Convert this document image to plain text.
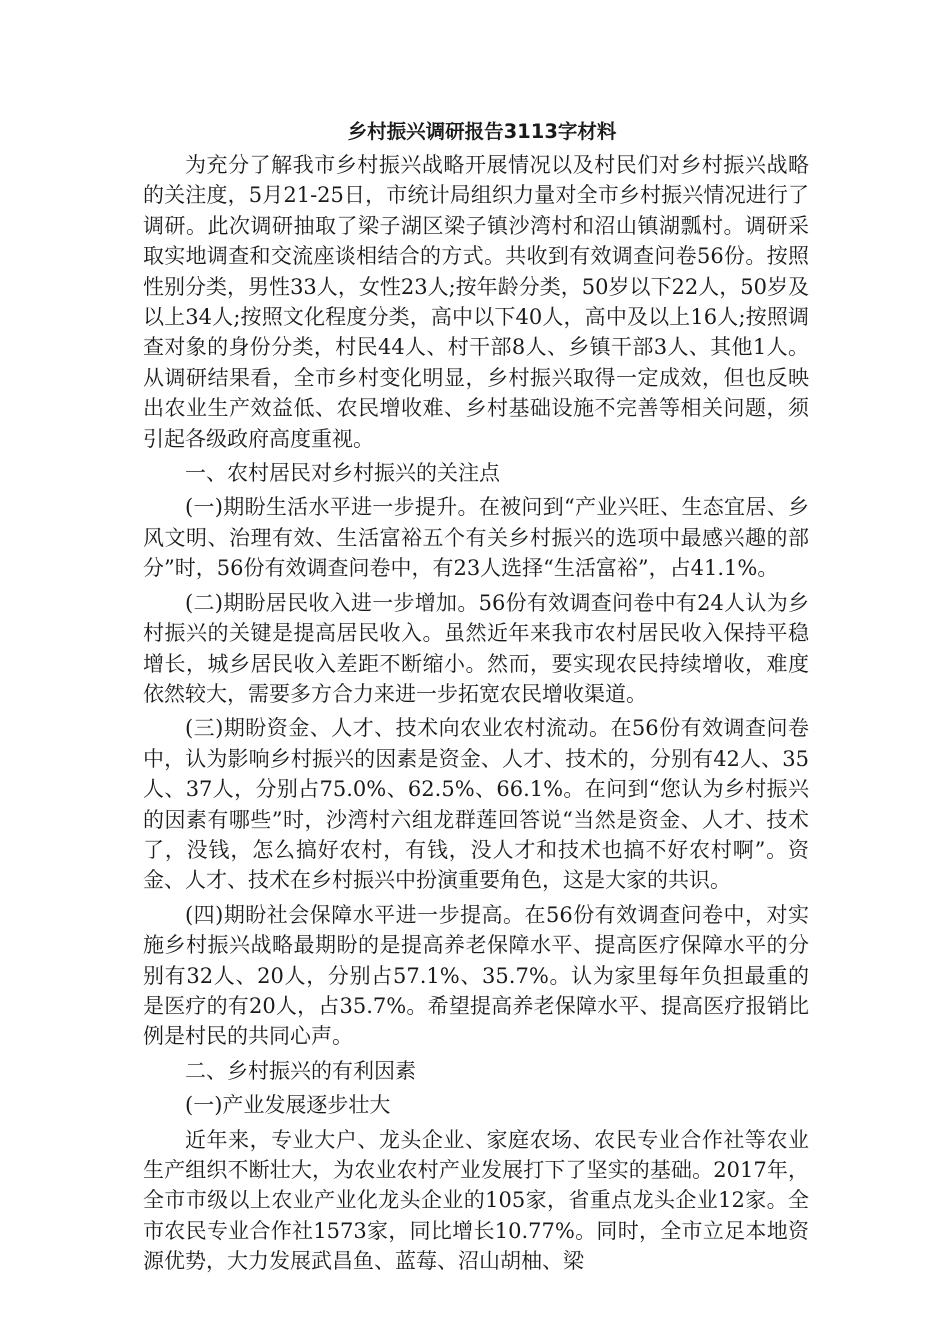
乡村振兴调研报告3113字材料

为充分了解我市乡村振兴战略开展情况以及村民们对乡村振兴战略的关注度，5月21-25日，市统计局组织力量对全市乡村振兴情况进行了调研。此次调研抽取了梁子湖区梁子镇沙湾村和沼山镇湖瓢村。调研采取实地调查和交流座谈相结合的方式。共收到有效调查问卷56份。按照性别分类，男性33人，女性23人;按年龄分类，50岁以下22人，50岁及以上34人;按照文化程度分类，高中以下40人，高中及以上16人;按照调查对象的身份分类，村民44人、村干部8人、乡镇干部3人、其他1人。从调研结果看，全市乡村变化明显，乡村振兴取得一定成效，但也反映出农业生产效益低、农民增收难、乡村基础设施不完善等相关问题，须引起各级政府高度重视。

一、农村居民对乡村振兴的关注点

(一)期盼生活水平进一步提升。在被问到“产业兴旺、生态宜居、乡风文明、治理有效、生活富裕五个有关乡村振兴的选项中最感兴趣的部分”时，56份有效调查问卷中，有23人选择“生活富裕”，占41.1%。

(二)期盼居民收入进一步增加。56份有效调查问卷中有24人认为乡村振兴的关键是提高居民收入。虽然近年来我市农村居民收入保持平稳增长，城乡居民收入差距不断缩小。然而，要实现农民持续增收，难度依然较大，需要多方合力来进一步拓宽农民增收渠道。

(三)期盼资金、人才、技术向农业农村流动。在56份有效调查问卷中，认为影响乡村振兴的因素是资金、人才、技术的，分别有42人、35人、37人，分别占75.0%、62.5%、66.1%。在问到“您认为乡村振兴的因素有哪些”时，沙湾村六组龙群莲回答说“当然是资金、人才、技术了，没钱，怎么搞好农村，有钱，没人才和技术也搞不好农村啊”。资金、人才、技术在乡村振兴中扮演重要角色，这是大家的共识。

(四)期盼社会保障水平进一步提高。在56份有效调查问卷中，对实施乡村振兴战略最期盼的是提高养老保障水平、提高医疗保障水平的分别有32人、20人，分别占57.1%、35.7%。认为家里每年负担最重的是医疗的有20人，占35.7%。希望提高养老保障水平、提高医疗报销比例是村民的共同心声。

二、乡村振兴的有利因素

(一)产业发展逐步壮大

近年来，专业大户、龙头企业、家庭农场、农民专业合作社等农业生产组织不断壮大，为农业农村产业发展打下了坚实的基础。2017年，全市市级以上农业产业化龙头企业的105家，省重点龙头企业12家。全市农民专业合作社1573家，同比增长10.77%。同时，全市立足本地资源优势，大力发展武昌鱼、蓝莓、沼山胡柚、梁
